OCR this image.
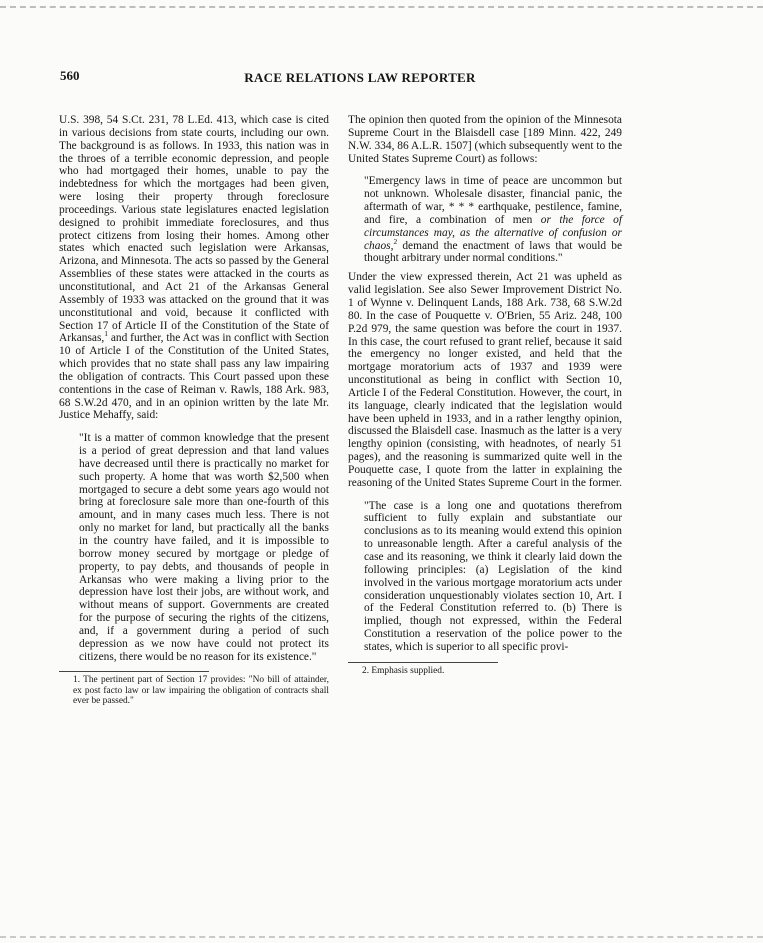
560	RACE RELATIONS LAW REPORTER

U.S. 398, 54 S.Ct. 231, 78 L.Ed. 413, which case is cited in various decisions from state courts, including our own. The background is as follows. In 1933, this nation was in the throes of a terrible economic depression, and people who had mortgaged their homes, unable to pay the indebtedness for which the mortgages had been given, were losing their property through foreclosure proceedings. Various state legislatures enacted legislation designed to prohibit immediate foreclosures, and thus protect citizens from losing their homes. Among other states which enacted such legislation were Arkansas, Arizona, and Minnesota. The acts so passed by the General Assemblies of these states were attacked in the courts as unconstitutional, and Act 21 of the Arkansas General Assembly of 1933 was attacked on the ground that it was unconstitutional and void, because it conflicted with Section 17 of Article II of the Constitution of the State of Arkansas,$^1$ and further, the Act was in conflict with Section 10 of Article I of the Constitution of the United States, which provides that no state shall pass any law impairing the obligation of contracts. This Court passed upon these contentions in the case of Reiman v. Rawls, 188 Ark. 983, 68 S.W.2d 470, and in an opinion written by the late Mr. Justice Mehaffy, said:

"It is a matter of common knowledge that the present is a period of great depression and that land values have decreased until there is practically no market for such property. A home that was worth $2,500 when mortgaged to secure a debt some years ago would not bring at foreclosure sale more than one-fourth of this amount, and in many cases much less. There is not only no market for land, but practically all the banks in the country have failed, and it is impossible to borrow money secured by mortgage or pledge of property, to pay debts, and thousands of people in Arkansas who were making a living prior to the depression have lost their jobs, are without work, and without means of support. Governments are created for the purpose of securing the rights of the citizens, and, if a government during a period of such depression as we now have could not protect its citizens, there would be no reason for its existence."

1. The pertinent part of Section 17 provides: "No bill of attainder, ex post facto law or law impairing the obligation of contracts shall ever be passed."

The opinion then quoted from the opinion of the Minnesota Supreme Court in the Blaisdell case [189 Minn. 422, 249 N.W. 334, 86 A.L.R. 1507] (which subsequently went to the United States Supreme Court) as follows:

"Emergency laws in time of peace are uncommon but not unknown. Wholesale disaster, financial panic, the aftermath of war, * * * earthquake, pestilence, famine, and fire, a combination of men or the force of circumstances may, as the alternative of confusion or chaos,$^2$ demand the enactment of laws that would be thought arbitrary under normal conditions."

Under the view expressed therein, Act 21 was upheld as valid legislation. See also Sewer Improvement District No. 1 of Wynne v. Delinquent Lands, 188 Ark. 738, 68 S.W.2d 80. In the case of Pouquette v. O'Brien, 55 Ariz. 248, 100 P.2d 979, the same question was before the court in 1937. In this case, the court refused to grant relief, because it said the emergency no longer existed, and held that the mortgage moratorium acts of 1937 and 1939 were unconstitutional as being in conflict with Section 10, Article I of the Federal Constitution. However, the court, in its language, clearly indicated that the legislation would have been upheld in 1933, and in a rather lengthy opinion, discussed the Blaisdell case. Inasmuch as the latter is a very lengthy opinion (consisting, with headnotes, of nearly 51 pages), and the reasoning is summarized quite well in the Pouquette case, I quote from the latter in explaining the reasoning of the United States Supreme Court in the former.

"The case is a long one and quotations therefrom sufficient to fully explain and substantiate our conclusions as to its meaning would extend this opinion to unreasonable length. After a careful analysis of the case and its reasoning, we think it clearly laid down the following principles: (a) Legislation of the kind involved in the various mortgage moratorium acts under consideration unquestionably violates section 10, Art. I of the Federal Constitution referred to. (b) There is implied, though not expressed, within the Federal Constitution a reservation of the police power to the states, which is superior to all specific provi-

2. Emphasis supplied.
